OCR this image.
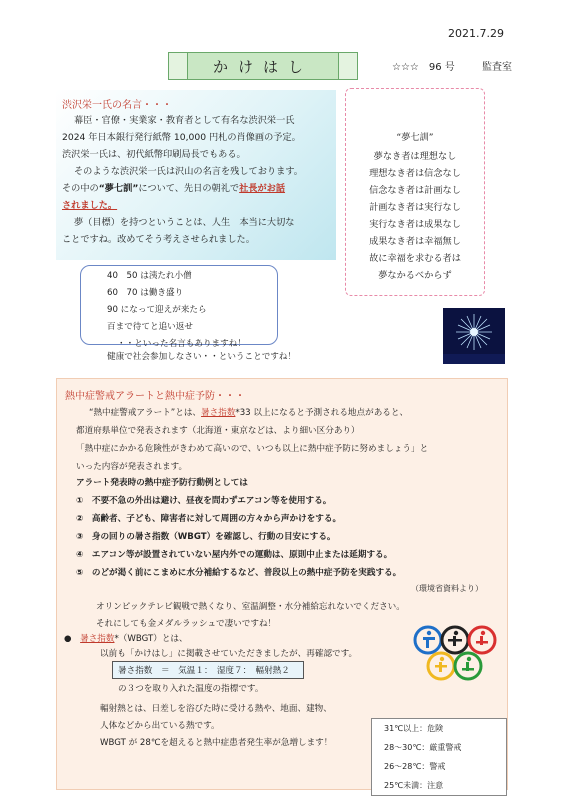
2021.7.29
かけはし	☆☆☆　96 号	監査室
渋沢栄一氏の名言・・・

幕臣・官僚・実業家・教育者として有名な渋沢栄一氏

2024 年日本銀行発行紙幣 10,000 円札の肖像画の予定。

渋沢栄一氏は、初代紙幣印刷局長でもある。

そのような渋沢栄一氏は沢山の名言を残しております。

その中の“夢七訓”について、先日の朝礼で社長がお話

されました。

夢（目標）を持つということは、人生　本当に大切な

ことですね。改めてそう考えさせられました。

“夢七訓”
夢なき者は理想なし
理想なき者は信念なし
信念なき者は計画なし
計画なき者は実行なし
実行なき者は成果なし
成果なき者は幸福無し
故に幸福を求むる者は
夢なかるべからず
40　50 は洟たれ小僧
60　70 は働き盛り
90 になって迎えが来たら
百まで待てと追い返せ
・・といった名言もありますね！
健康で社会参加しなさい・・ということですね！
熱中症警戒アラートと熱中症予防・・・
“熱中症警戒アラート”とは、暑さ指数*33 以上になると予測される地点があると、
都道府県単位で発表されます（北海道・東京などは、より細い区分あり）
「熱中症にかかる危険性がきわめて高いので、いつも以上に熱中症予防に努めましょう」と
いった内容が発表されます。
アラート発表時の熱中症予防行動例としては
①　不要不急の外出は避け、昼夜を問わずエアコン等を使用する。
②　高齢者、子ども、障害者に対して周囲の方々から声かけをする。
③　身の回りの暑さ指数（WBGT）を確認し、行動の目安にする。
④　エアコン等が設置されていない屋内外での運動は、原則中止または延期する。
⑤　のどが渇く前にこまめに水分補給するなど、普段以上の熱中症予防を実践する。
（環境省資料より）
オリンピックテレビ観戦で熱くなり、室温調整・水分補給忘れないでください。
それにしても金メダルラッシュで凄いですね！
●　 暑さ指数*（WBGT）とは、
以前も「かけはし」に掲載させていただきましたが、再確認です。
暑さ指数　＝　気温１：　湿度７：　輻射熱２
の３つを取り入れた温度の指標です。
輻射熱とは、日差しを浴びた時に受ける熱や、地面、建物、
人体などから出ている熱です。
WBGT が 28℃を超えると熱中症患者発生率が急増します！
31℃以上：危険
28～30℃：厳重警戒
26～28℃：警戒
25℃未満：注意
